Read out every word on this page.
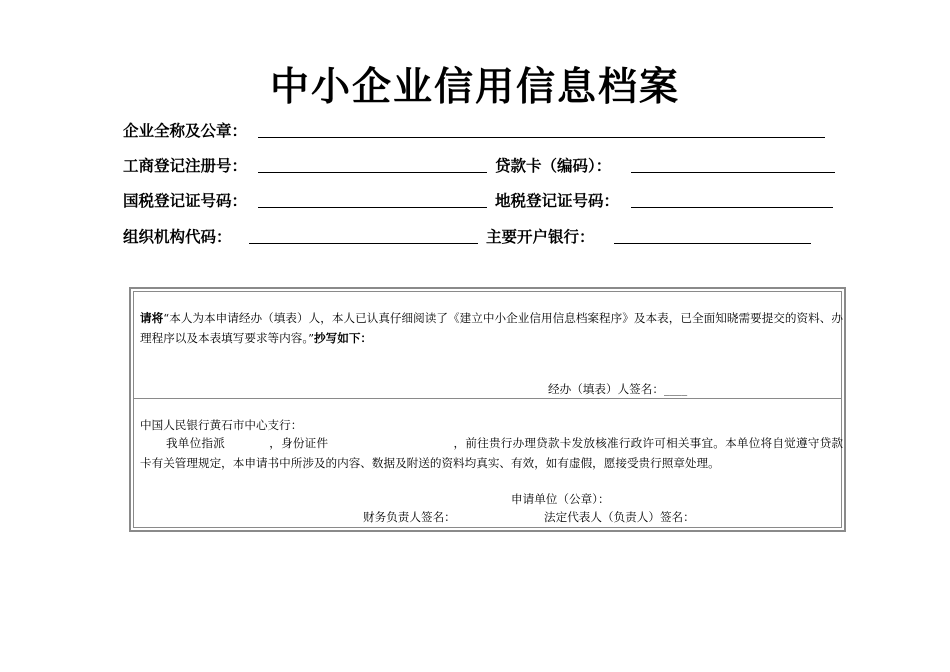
中小企业信用信息档案
企业全称及公章：
工商登记注册号：	贷款卡（编码）：
国税登记证号码：	地税登记证号码：
组织机构代码：	主要开户银行：
请将“本人为本申请经办（填表）人，本人已认真仔细阅读了《建立中小企业信用信息档案程序》及本表，已全面知晓需要提交的资料、办理程序以及本表填写要求等内容。”抄写如下：
经办（填表）人签名：____
中国人民银行黄石市中心支行：
我单位指派	，身份证件	，前往贵行办理贷款卡发放核准行政许可相关事宜。本单位将自觉遵守贷款卡有关管理规定，本申请书中所涉及的内容、数据及附送的资料均真实、有效，如有虚假，愿接受贵行照章处理。
申请单位（公章）：
财务负责人签名：	法定代表人（负责人）签名：
